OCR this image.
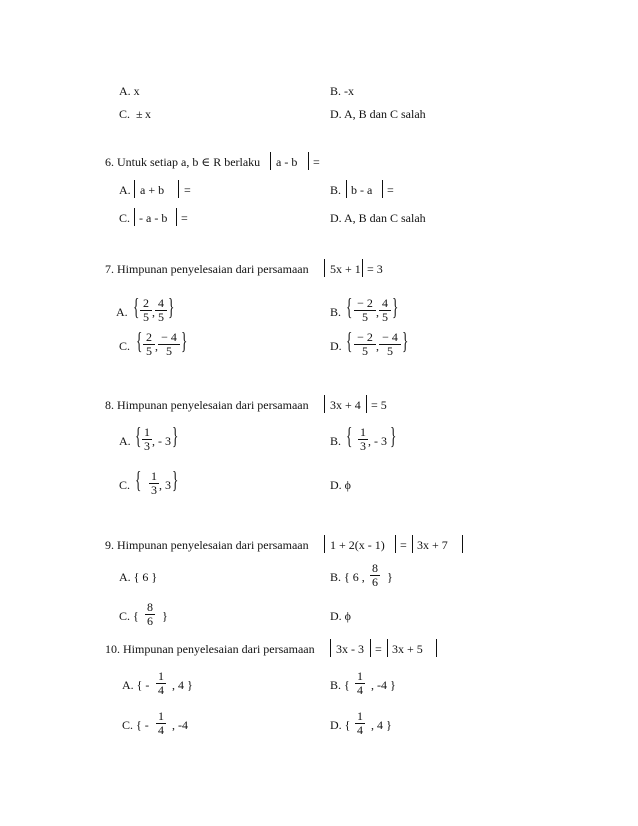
A. x	B. -x
C. ± x	D. A, B dan C salah
6. Untuk setiap a, b ∈ R berlaku a - b =
A. a + b =	B. b - a =
C. - a - b =	D. A, B dan C salah
7. Himpunan penyelesaian dari persamaan 5x + 1 = 3
A. { $\frac{2}{5}$ , $\frac{4}{5}$ }	B. { $\frac{- 2}{5}$ , $\frac{4}{5}$ }
C. { $\frac{2}{5}$ , $\frac{- 4}{5}$ }	D. { $\frac{- 2}{5}$ , $\frac{- 4}{5}$ }
8. Himpunan penyelesaian dari persamaan 3x + 4 = 5
A. { $\frac{1}{3}$ , - 3 }	B. { $\frac{1}{3}$ , - 3 }
C. { $\frac{1}{3}$ , 3 }	D. ϕ
9. Himpunan penyelesaian dari persamaan 1 + 2(x - 1) = 3x + 7
A. { 6 }	B. { 6 , $\frac{8}{6}$ }
C. { $\frac{8}{6}$ }	D. ϕ
10. Himpunan penyelesaian dari persamaan 3x - 3 = 3x + 5
A. { - $\frac{1}{4}$ , 4 }	B. { $\frac{1}{4}$ , -4 }
C. { - $\frac{1}{4}$ , -4	D. { $\frac{1}{4}$ , 4 }
